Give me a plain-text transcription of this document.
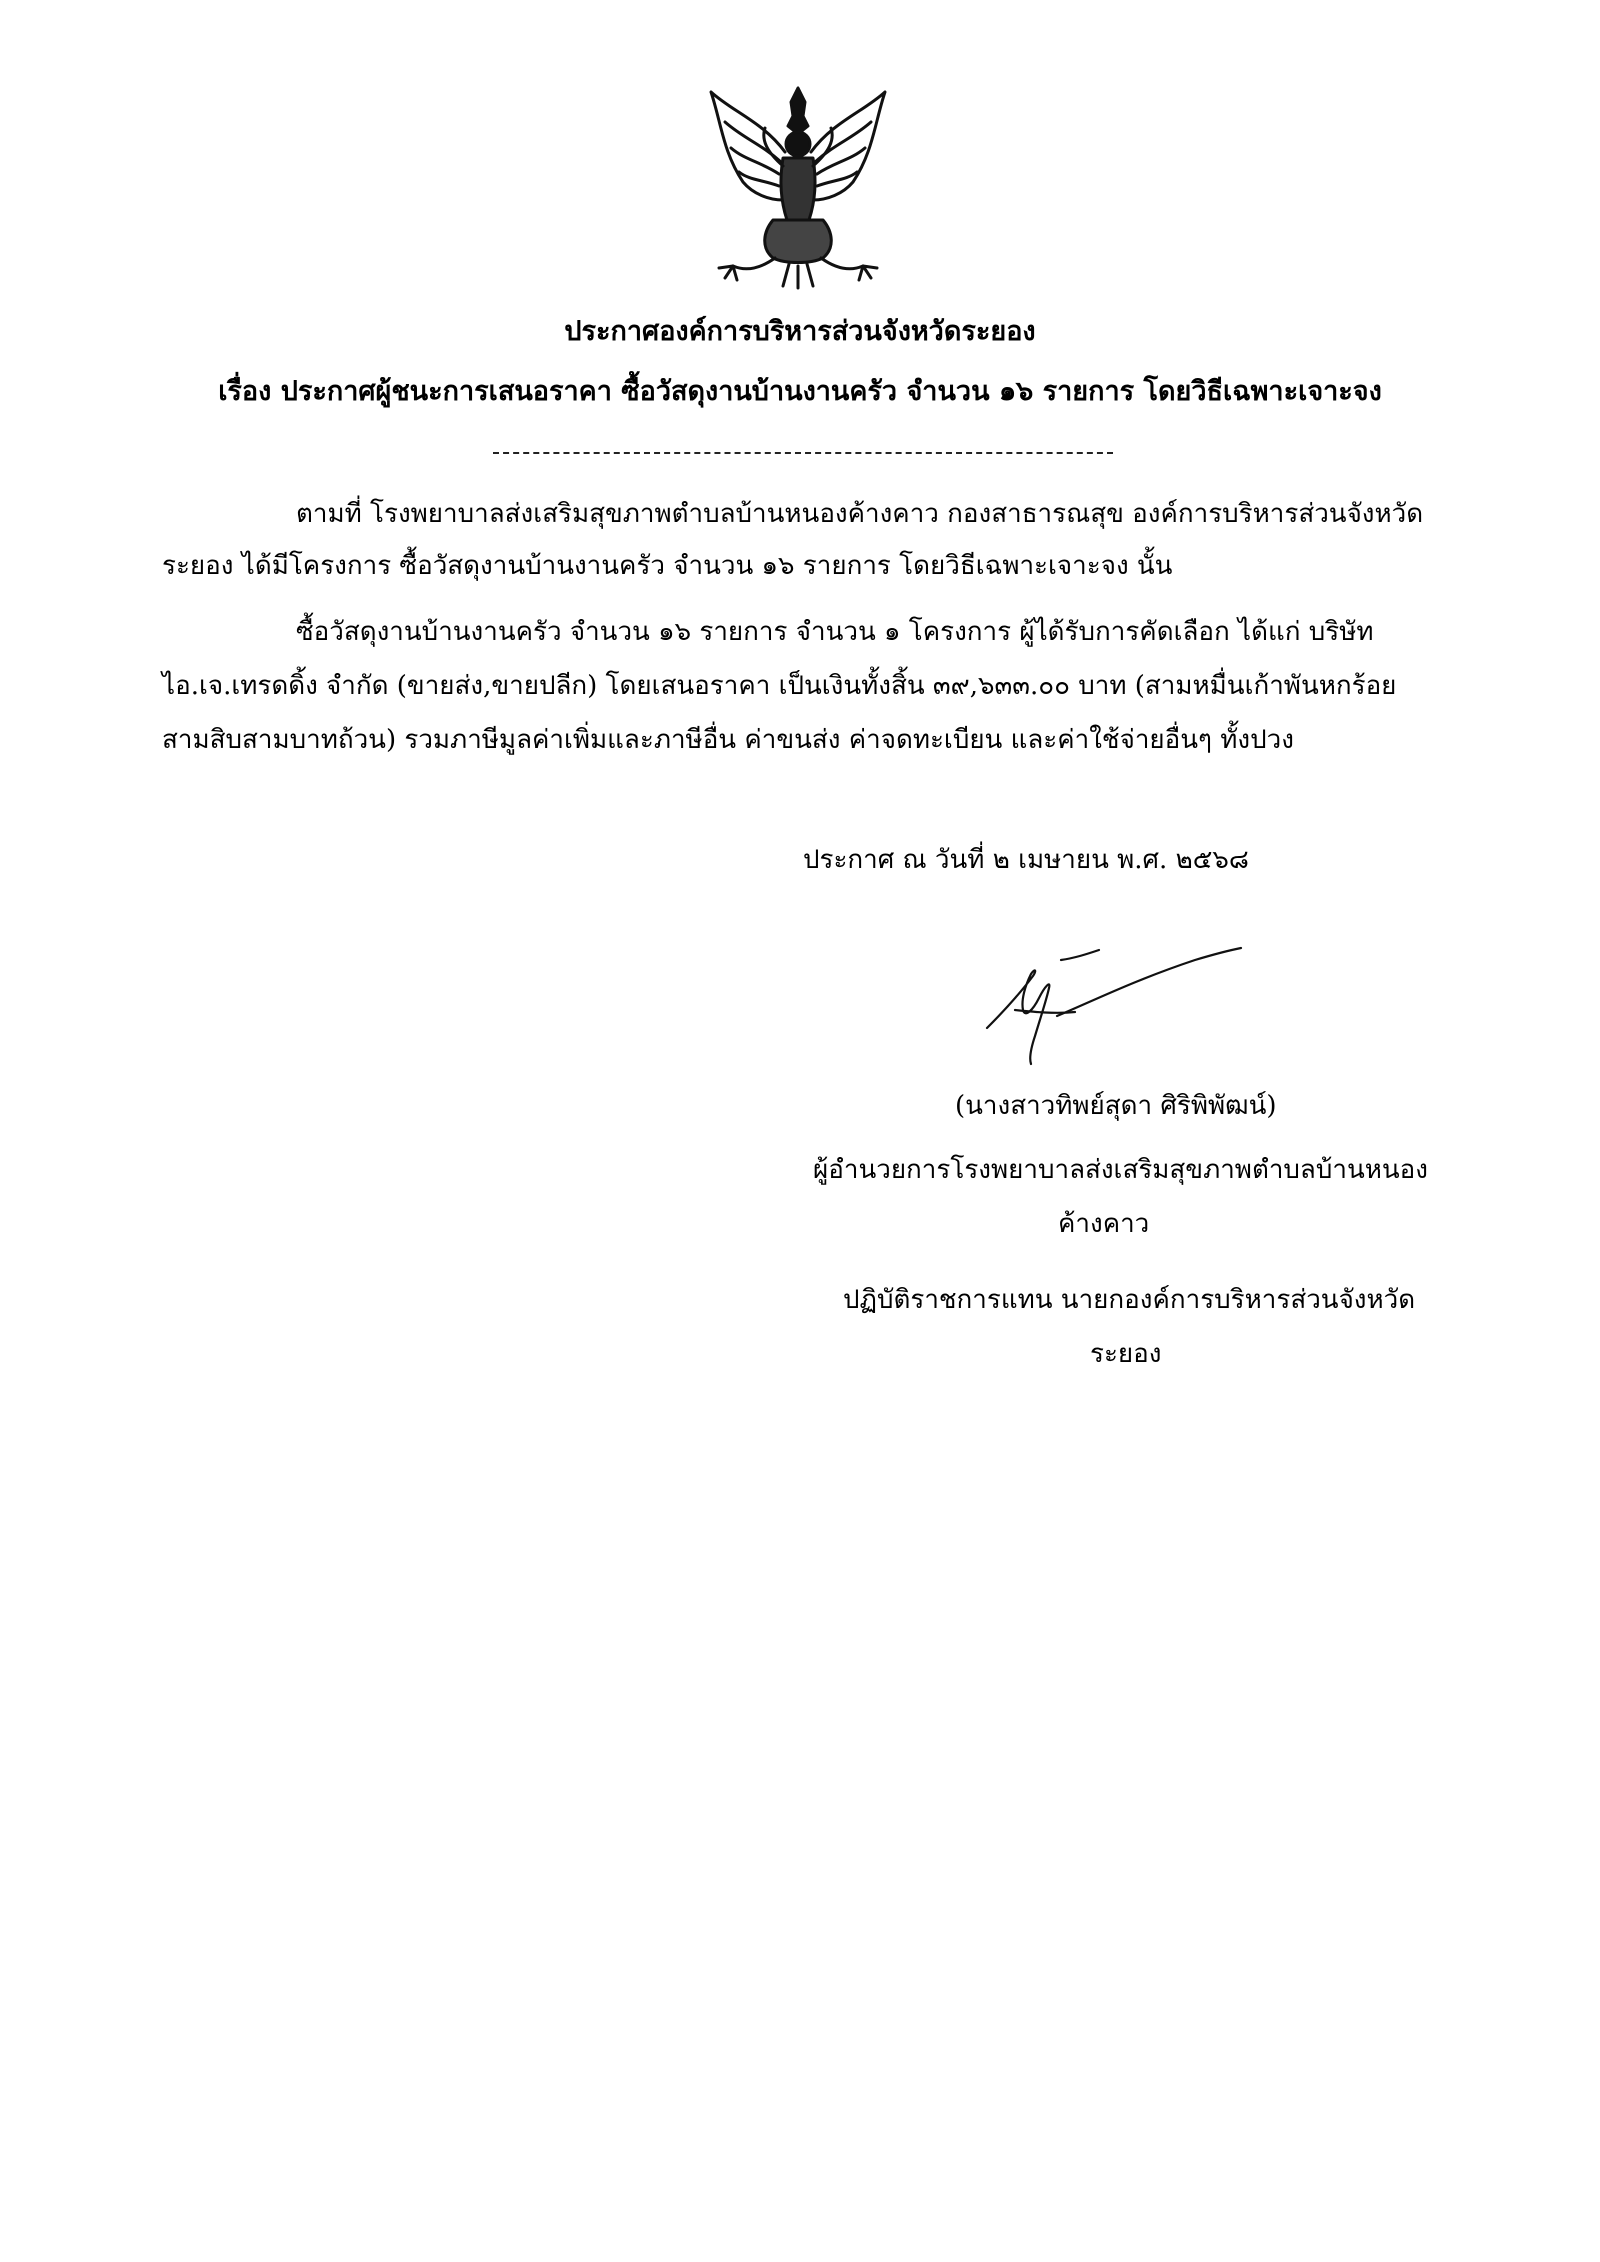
ประกาศองค์การบริหารส่วนจังหวัดระยอง
เรื่อง ประกาศผู้ชนะการเสนอราคา ซื้อวัสดุงานบ้านงานครัว จำนวน ๑๖ รายการ โดยวิธีเฉพาะเจาะจง
ตามที่ โรงพยาบาลส่งเสริมสุขภาพตำบลบ้านหนองค้างคาว กองสาธารณสุข องค์การบริหารส่วนจังหวัด
ระยอง ได้มีโครงการ ซื้อวัสดุงานบ้านงานครัว จำนวน ๑๖ รายการ โดยวิธีเฉพาะเจาะจง นั้น
ซื้อวัสดุงานบ้านงานครัว จำนวน ๑๖ รายการ จำนวน ๑ โครงการ ผู้ได้รับการคัดเลือก ได้แก่ บริษัท
ไอ.เจ.เทรดดิ้ง จำกัด (ขายส่ง,ขายปลีก) โดยเสนอราคา เป็นเงินทั้งสิ้น ๓๙,๖๓๓.๐๐ บาท (สามหมื่นเก้าพันหกร้อย
สามสิบสามบาทถ้วน) รวมภาษีมูลค่าเพิ่มและภาษีอื่น ค่าขนส่ง ค่าจดทะเบียน และค่าใช้จ่ายอื่นๆ ทั้งปวง
ประกาศ ณ วันที่ ๒ เมษายน พ.ศ. ๒๕๖๘
(นางสาวทิพย์สุดา ศิริพิพัฒน์)
ผู้อำนวยการโรงพยาบาลส่งเสริมสุขภาพตำบลบ้านหนอง
ค้างคาว
ปฏิบัติราชการแทน นายกองค์การบริหารส่วนจังหวัด
ระยอง
